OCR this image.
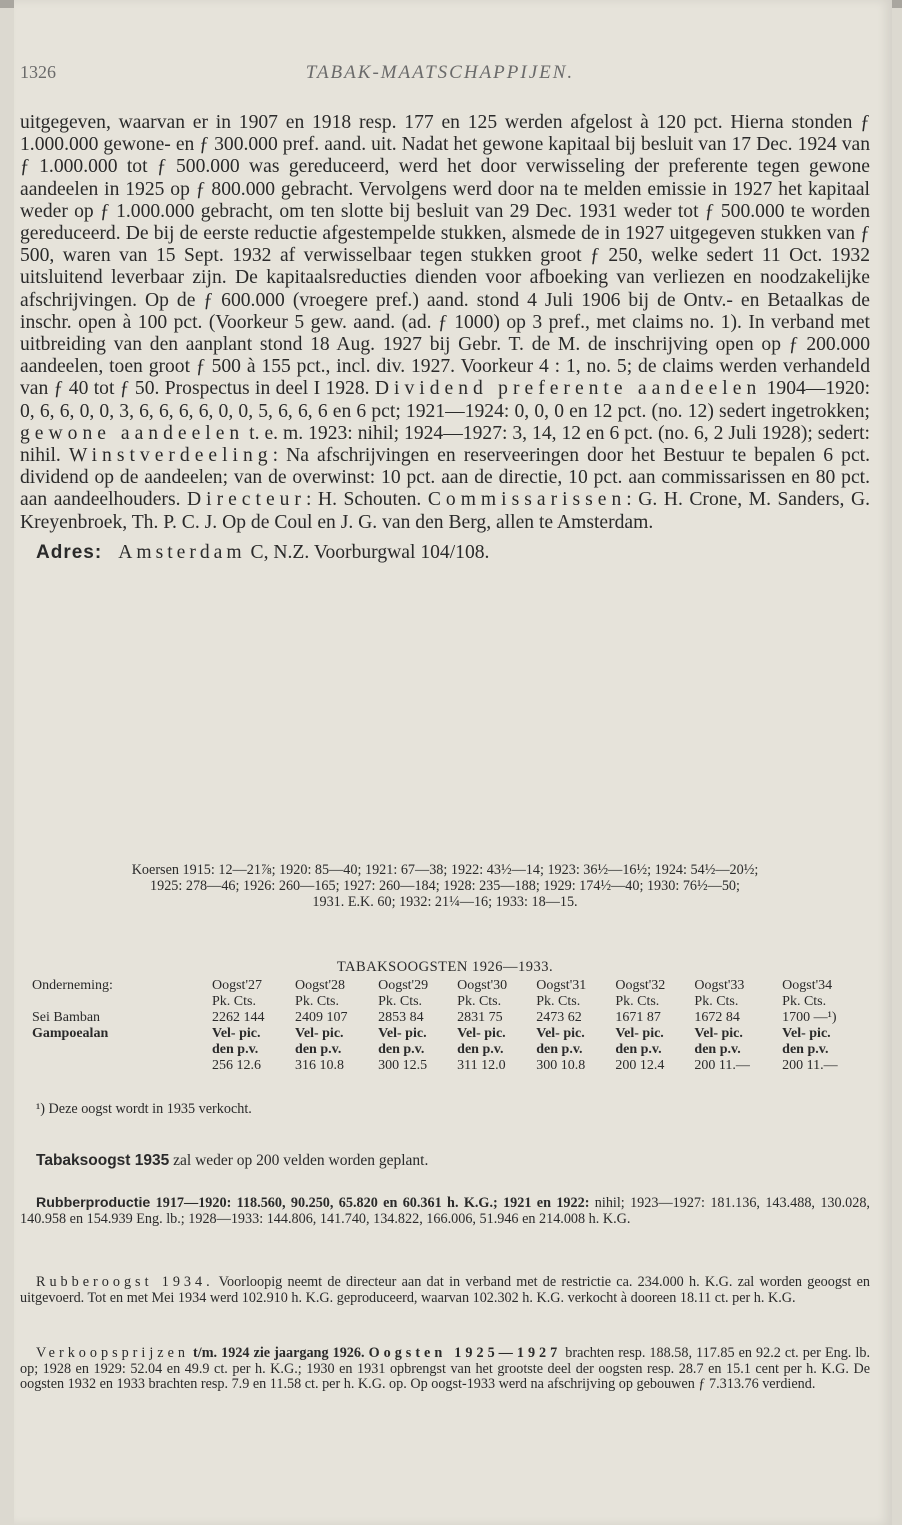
1326	TABAK-MAATSCHAPPIJEN.

uitgegeven, waarvan er in 1907 en 1918 resp. 177 en 125 werden afgelost à 120 pct. Hierna stonden ƒ 1.000.000 gewone- en ƒ 300.000 pref. aand. uit. Nadat het gewone kapitaal bij besluit van 17 Dec. 1924 van ƒ 1.000.000 tot ƒ 500.000 was gereduceerd, werd het door verwisseling der preferente tegen gewone aandeelen in 1925 op ƒ 800.000 gebracht. Vervolgens werd door na te melden emissie in 1927 het kapitaal weder op ƒ 1.000.000 gebracht, om ten slotte bij besluit van 29 Dec. 1931 weder tot ƒ 500.000 te worden gereduceerd. De bij de eerste reductie afgestempelde stukken, alsmede de in 1927 uitgegeven stukken van ƒ 500, waren van 15 Sept. 1932 af verwisselbaar tegen stukken groot ƒ 250, welke sedert 11 Oct. 1932 uitsluitend leverbaar zijn. De kapitaalsreducties dienden voor afboeking van verliezen en noodzakelijke afschrijvingen. Op de ƒ 600.000 (vroegere pref.) aand. stond 4 Juli 1906 bij de Ontv.- en Betaalkas de inschr. open à 100 pct. (Voorkeur 5 gew. aand. (ad. ƒ 1000) op 3 pref., met claims no. 1). In verband met uitbreiding van den aanplant stond 18 Aug. 1927 bij Gebr. T. de M. de inschrijving open op ƒ 200.000 aandeelen, toen groot ƒ 500 à 155 pct., incl. div. 1927. Voorkeur 4 : 1, no. 5; de claims werden verhandeld van ƒ 40 tot ƒ 50. Prospectus in deel I 1928. Dividend preferente aandeelen 1904—1920: 0, 6, 6, 0, 0, 3, 6, 6, 6, 6, 0, 0, 5, 6, 6, 6 en 6 pct; 1921—1924: 0, 0, 0 en 12 pct. (no. 12) sedert ingetrokken; gewone aandeelen t. e. m. 1923: nihil; 1924—1927: 3, 14, 12 en 6 pct. (no. 6, 2 Juli 1928); sedert: nihil. Winstverdeeling: Na afschrijvingen en reserveeringen door het Bestuur te bepalen 6 pct. dividend op de aandeelen; van de overwinst: 10 pct. aan de directie, 10 pct. aan commissarissen en 80 pct. aan aandeelhouders. Directeur: H. Schouten. Commissarissen: G. H. Crone, M. Sanders, G. Kreyenbroek, Th. P. C. J. Op de Coul en J. G. van den Berg, allen te Amsterdam.

Adres: Amsterdam C, N.Z. Voorburgwal 104/108.
Koersen 1915: 12—21⅞; 1920: 85—40; 1921: 67—38; 1922: 43½—14; 1923: 36½—16½; 1924: 54½—20½;
1925: 278—46; 1926: 260—165; 1927: 260—184; 1928: 235—188; 1929: 174½—40; 1930: 76½—50;
1931. E.K. 60; 1932: 21¼—16; 1933: 18—15.
TABAKSOOGSTEN 1926—1933.
Onderneming:	Oogst'27	Oogst'28	Oogst'29	Oogst'30	Oogst'31	Oogst'32	Oogst'33	Oogst'34
	Pk. Cts.	Pk. Cts.	Pk. Cts.	Pk. Cts.	Pk. Cts.	Pk. Cts.	Pk. Cts.	Pk. Cts.
Sei Bamban	2262 144	2409 107	2853 84	2831 75	2473 62	1671 87	1672 84	1700 —¹)
Gampoealan	Vel- pic.	Vel- pic.	Vel- pic.	Vel- pic.	Vel- pic.	Vel- pic.	Vel- pic.	Vel- pic.
	den p.v.	den p.v.	den p.v.	den p.v.	den p.v.	den p.v.	den p.v.	den p.v.
	256 12.6	316 10.8	300 12.5	311 12.0	300 10.8	200 12.4	200 11.—	200 11.—
¹) Deze oogst wordt in 1935 verkocht.

Tabaksoogst 1935 zal weder op 200 velden worden geplant.

Rubberproductie 1917—1920: 118.560, 90.250, 65.820 en 60.361 h. K.G.; 1921 en 1922: nihil; 1923—1927: 181.136, 143.488, 130.028, 140.958 en 154.939 Eng. lb.; 1928—1933: 144.806, 141.740, 134.822, 166.006, 51.946 en 214.008 h. K.G.

Rubberoogst 1934. Voorloopig neemt de directeur aan dat in verband met de restrictie ca. 234.000 h. K.G. zal worden geoogst en uitgevoerd. Tot en met Mei 1934 werd 102.910 h. K.G. geproduceerd, waarvan 102.302 h. K.G. verkocht à dooreen 18.11 ct. per h. K.G.

Verkoopsprijzen t/m. 1924 zie jaargang 1926. Oogsten 1925—1927 brachten resp. 188.58, 117.85 en 92.2 ct. per Eng. lb. op; 1928 en 1929: 52.04 en 49.9 ct. per h. K.G.; 1930 en 1931 opbrengst van het grootste deel der oogsten resp. 28.7 en 15.1 cent per h. K.G. De oogsten 1932 en 1933 brachten resp. 7.9 en 11.58 ct. per h. K.G. op. Op oogst-1933 werd na afschrijving op gebouwen ƒ 7.313.76 verdiend.
